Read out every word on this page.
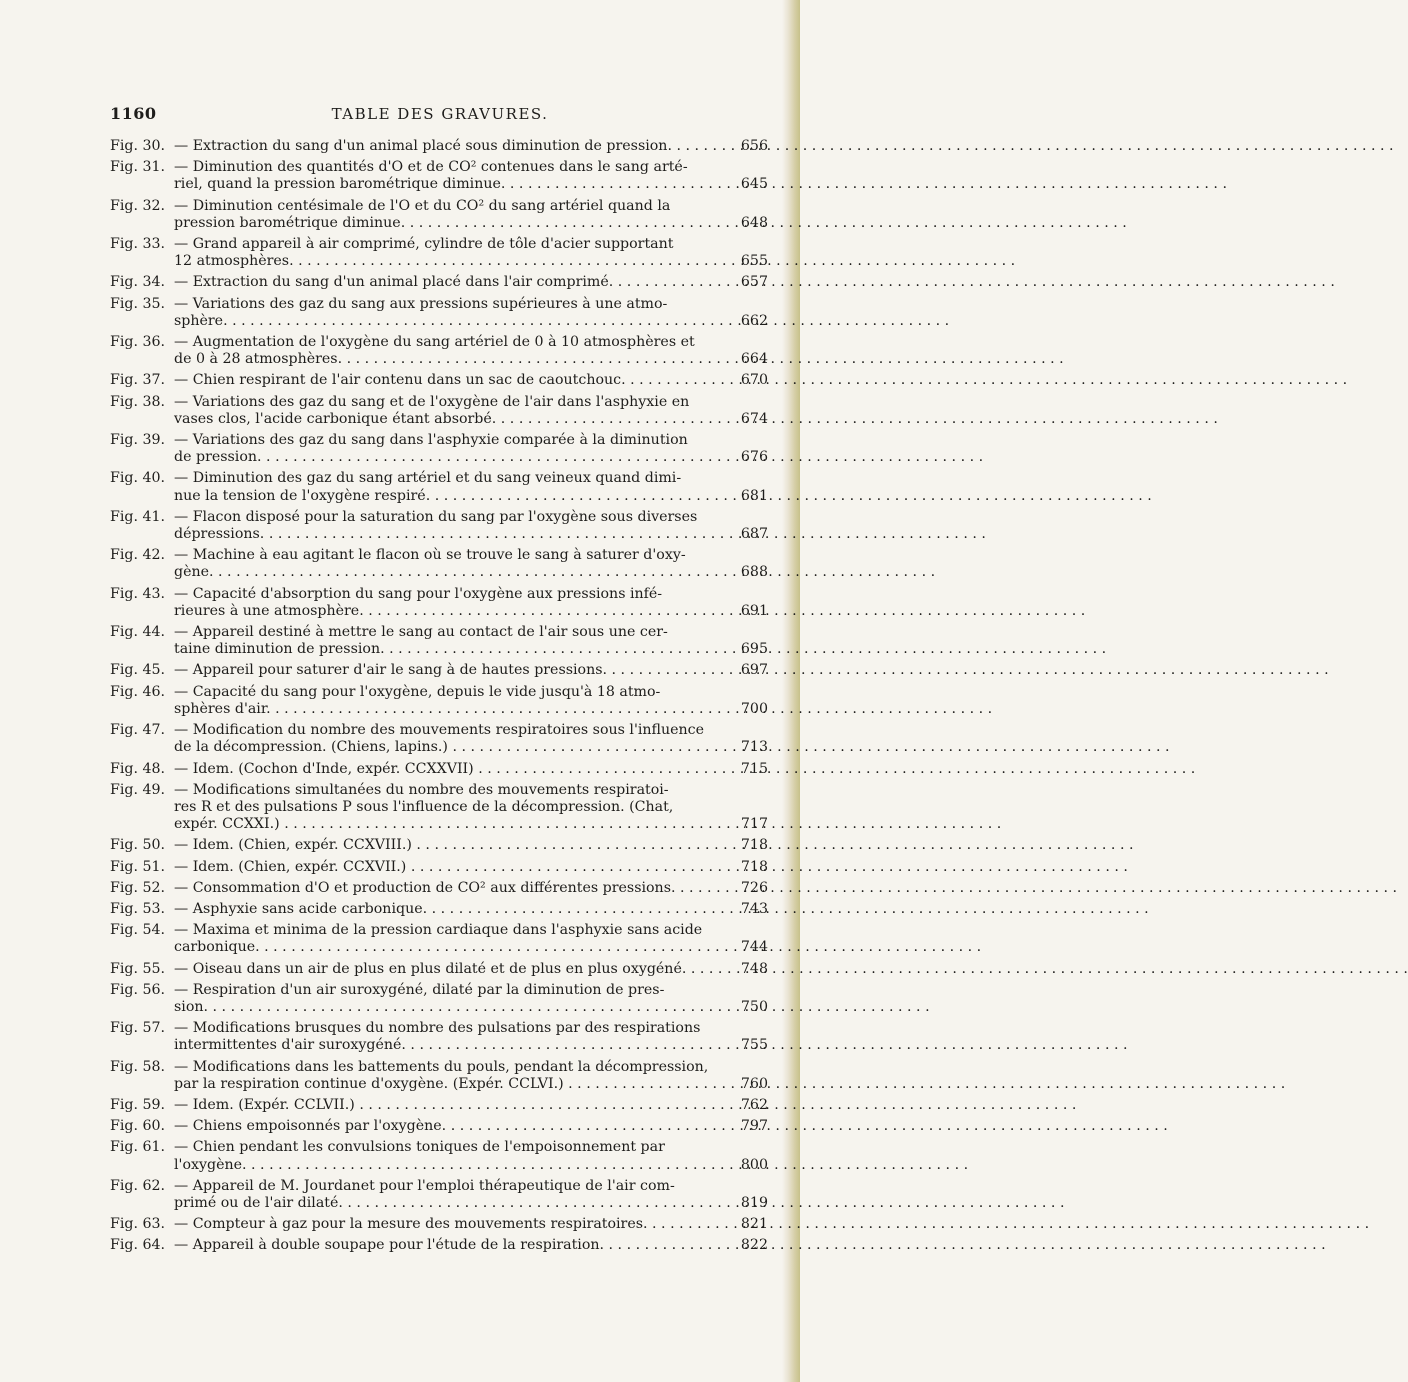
1160	TABLE DES GRAVURES.
Fig. 30. — Extraction du sang d'un animal placé sous diminution de pression. . . .	656
Fig. 31. — Diminution des quantités d'O et de CO² contenues dans le sang arté-
riel, quand la pression barométrique diminue. . . .	645
Fig. 32. — Diminution centésimale de l'O et du CO² du sang artériel quand la
pression barométrique diminue. . . .	648
Fig. 33. — Grand appareil à air comprimé, cylindre de tôle d'acier supportant
12 atmosphères. . . .	655
Fig. 34. — Extraction du sang d'un animal placé dans l'air comprimé. . . .	657
Fig. 35. — Variations des gaz du sang aux pressions supérieures à une atmo-
sphère. . . .	662
Fig. 36. — Augmentation de l'oxygène du sang artériel de 0 à 10 atmosphères et
de 0 à 28 atmosphères. . . .	664
Fig. 37. — Chien respirant de l'air contenu dans un sac de caoutchouc. . . .	670
Fig. 38. — Variations des gaz du sang et de l'oxygène de l'air dans l'asphyxie en
vases clos, l'acide carbonique étant absorbé. . . .	674
Fig. 39. — Variations des gaz du sang dans l'asphyxie comparée à la diminution
de pression. . . .	676
Fig. 40. — Diminution des gaz du sang artériel et du sang veineux quand dimi-
nue la tension de l'oxygène respiré. . . .	681
Fig. 41. — Flacon disposé pour la saturation du sang par l'oxygène sous diverses
dépressions. . . .	687
Fig. 42. — Machine à eau agitant le flacon où se trouve le sang à saturer d'oxy-
gène. . . .	688
Fig. 43. — Capacité d'absorption du sang pour l'oxygène aux pressions infé-
rieures à une atmosphère. . . .	691
Fig. 44. — Appareil destiné à mettre le sang au contact de l'air sous une cer-
taine diminution de pression. . . .	695
Fig. 45. — Appareil pour saturer d'air le sang à de hautes pressions. . . .	697
Fig. 46. — Capacité du sang pour l'oxygène, depuis le vide jusqu'à 18 atmo-
sphères d'air. . . .	700
Fig. 47. — Modification du nombre des mouvements respiratoires sous l'influence
de la décompression. (Chiens, lapins.) . . .	713
Fig. 48. — Idem. (Cochon d'Inde, expér. CCXXVII) . . .	715
Fig. 49. — Modifications simultanées du nombre des mouvements respiratoi-
res R et des pulsations P sous l'influence de la décompression. (Chat,
expér. CCXXI.) . . .	717
Fig. 50. — Idem. (Chien, expér. CCXVIII.) . . .	718
Fig. 51. — Idem. (Chien, expér. CCXVII.) . . .	718
Fig. 52. — Consommation d'O et production de CO² aux différentes pressions. . . .	726
Fig. 53. — Asphyxie sans acide carbonique. . . .	743
Fig. 54. — Maxima et minima de la pression cardiaque dans l'asphyxie sans acide
carbonique. . . .	744
Fig. 55. — Oiseau dans un air de plus en plus dilaté et de plus en plus oxygéné. . . .	748
Fig. 56. — Respiration d'un air suroxygéné, dilaté par la diminution de pres-
sion. . . .	750
Fig. 57. — Modifications brusques du nombre des pulsations par des respirations
intermittentes d'air suroxygéné. . . .	755
Fig. 58. — Modifications dans les battements du pouls, pendant la décompression,
par la respiration continue d'oxygène. (Expér. CCLVI.) . . .	760
Fig. 59. — Idem. (Expér. CCLVII.) . . .	762
Fig. 60. — Chiens empoisonnés par l'oxygène. . . .	797
Fig. 61. — Chien pendant les convulsions toniques de l'empoisonnement par
l'oxygène. . . .	800
Fig. 62. — Appareil de M. Jourdanet pour l'emploi thérapeutique de l'air com-
primé ou de l'air dilaté. . . .	819
Fig. 63. — Compteur à gaz pour la mesure des mouvements respiratoires. . . .	821
Fig. 64. — Appareil à double soupape pour l'étude de la respiration. . . .	822
